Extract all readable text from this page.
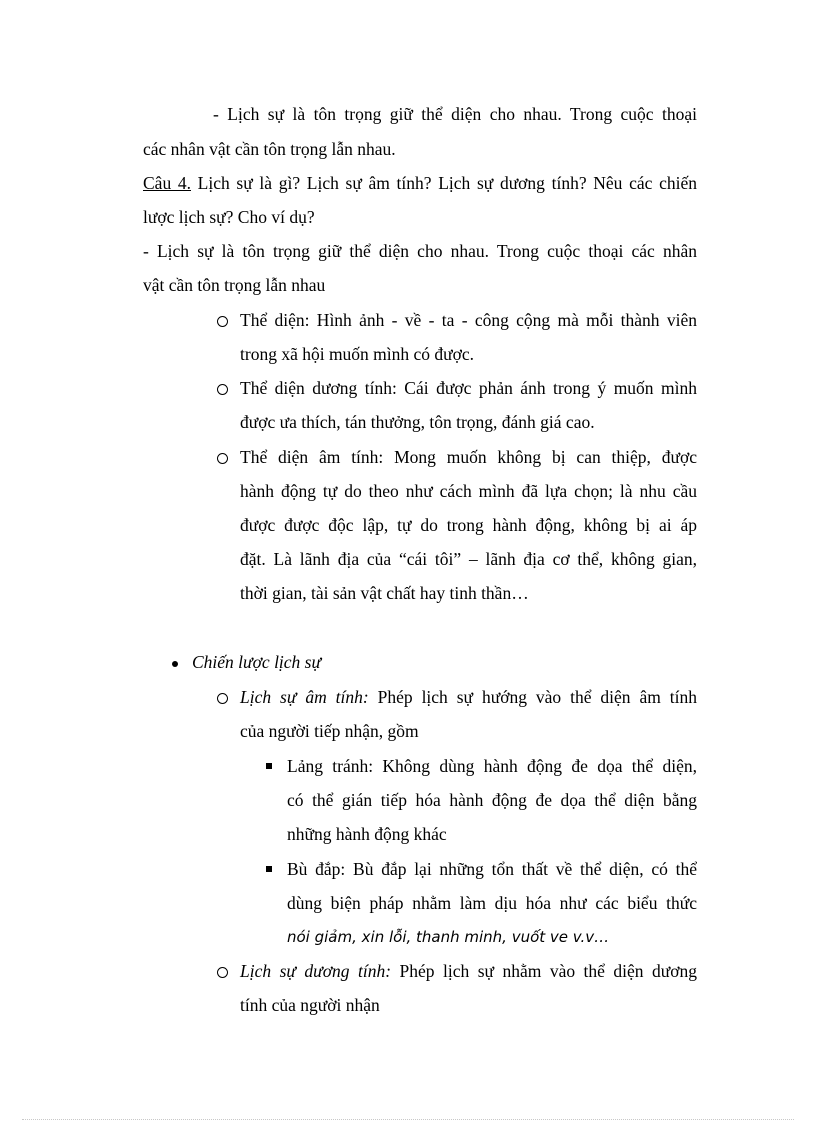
- Lịch sự là tôn trọng giữ thể diện cho nhau. Trong cuộc thoại
các nhân vật cần tôn trọng lẫn nhau.
Câu 4. Lịch sự là gì? Lịch sự âm tính? Lịch sự dương tính? Nêu các chiến
lược lịch sự? Cho ví dụ?
- Lịch sự là tôn trọng giữ thể diện cho nhau. Trong cuộc thoại các nhân
vật cần tôn trọng lẫn nhau
Thể diện: Hình ảnh - về - ta - công cộng mà mỗi thành viên
trong xã hội muốn mình có được.
Thể diện dương tính: Cái được phản ánh trong ý muốn mình
được ưa thích, tán thưởng, tôn trọng, đánh giá cao.
Thể diện âm tính: Mong muốn không bị can thiệp, được
hành động tự do theo như cách mình đã lựa chọn; là nhu cầu
được được độc lập, tự do trong hành động, không bị ai áp
đặt. Là lãnh địa của “cái tôi” – lãnh địa cơ thể, không gian,
thời gian, tài sản vật chất hay tinh thần…
Chiến lược lịch sự
Lịch sự âm tính: Phép lịch sự hướng vào thể diện âm tính
của người tiếp nhận, gồm
Lảng tránh: Không dùng hành động đe dọa thể diện,
có thể gián tiếp hóa hành động đe dọa thể diện bằng
những hành động khác
Bù đắp: Bù đắp lại những tổn thất về thể diện, có thể
dùng biện pháp nhằm làm dịu hóa như các biểu thức
nói giảm, xin lỗi, thanh minh, vuốt ve v.v…
Lịch sự dương tính: Phép lịch sự nhằm vào thể diện dương
tính của người nhận
